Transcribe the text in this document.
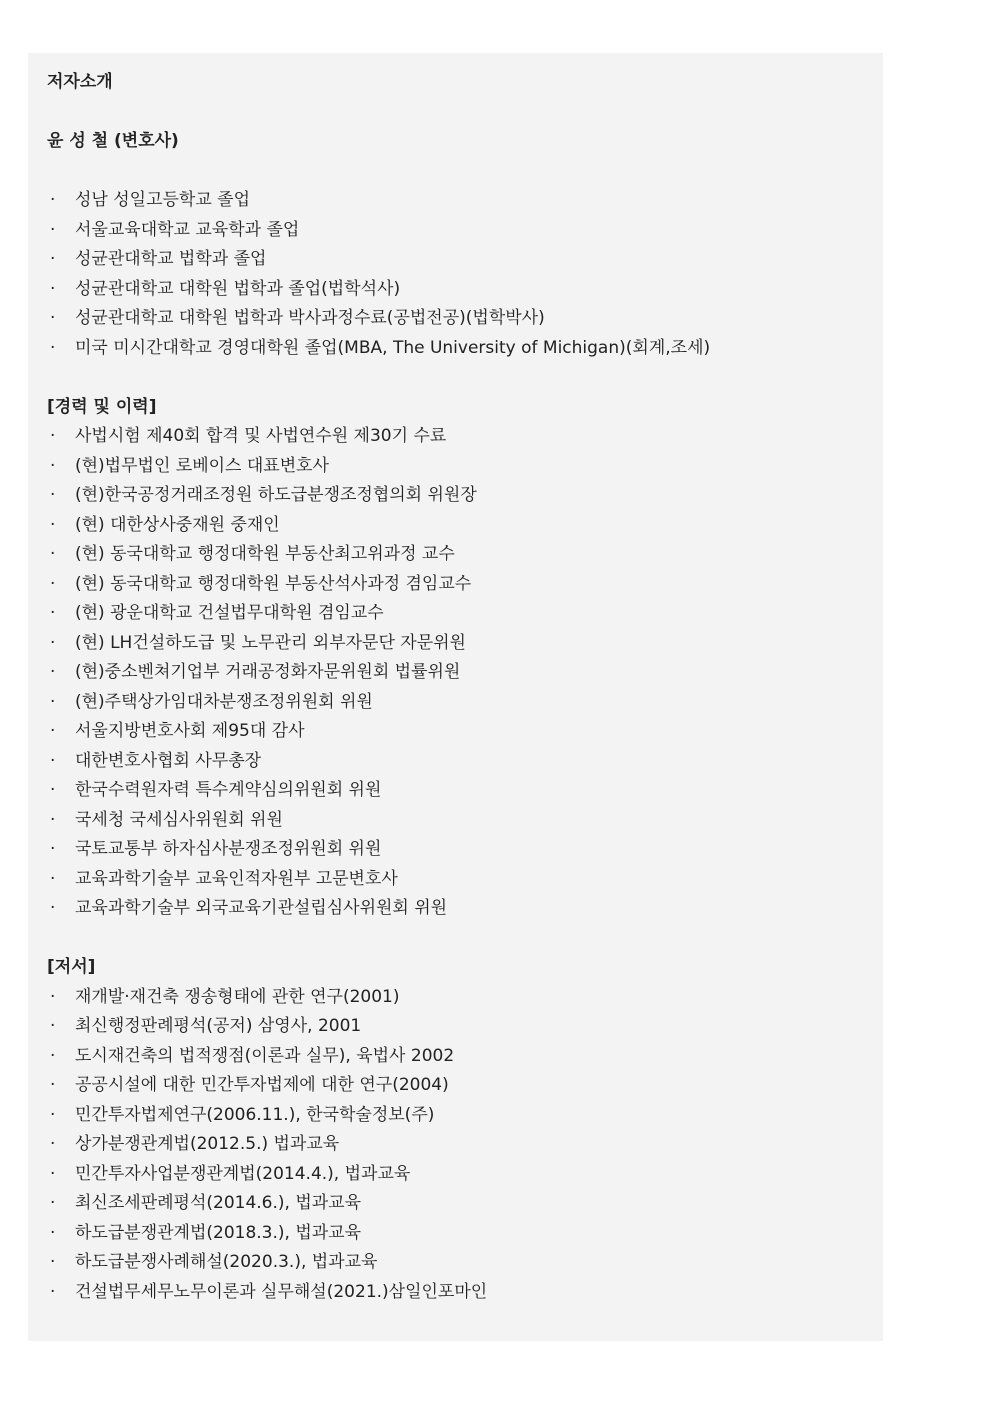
저자소개
윤 성 철 (변호사)
· 성남 성일고등학교 졸업
· 서울교육대학교 교육학과 졸업
· 성균관대학교 법학과 졸업
· 성균관대학교 대학원 법학과 졸업(법학석사)
· 성균관대학교 대학원 법학과 박사과정수료(공법전공)(법학박사)
· 미국 미시간대학교 경영대학원 졸업(MBA, The University of Michigan)(회계,조세)
[경력 및 이력]
· 사법시험 제40회 합격 및 사법연수원 제30기 수료
· (현)법무법인 로베이스 대표변호사
· (현)한국공정거래조정원 하도급분쟁조정협의회 위원장
· (현) 대한상사중재원 중재인
· (현) 동국대학교 행정대학원 부동산최고위과정 교수
· (현) 동국대학교 행정대학원 부동산석사과정 겸임교수
· (현) 광운대학교 건설법무대학원 겸임교수
· (현) LH건설하도급 및 노무관리 외부자문단 자문위원
· (현)중소벤쳐기업부 거래공정화자문위원회 법률위원
· (현)주택상가임대차분쟁조정위원회 위원
· 서울지방변호사회 제95대 감사
· 대한변호사협회 사무총장
· 한국수력원자력 특수계약심의위원회 위원
· 국세청 국세심사위원회 위원
· 국토교통부 하자심사분쟁조정위원회 위원
· 교육과학기술부 교육인적자원부 고문변호사
· 교육과학기술부 외국교육기관설립심사위원회 위원
[저서]
· 재개발·재건축 쟁송형태에 관한 연구(2001)
· 최신행정판례평석(공저) 삼영사, 2001
· 도시재건축의 법적쟁점(이론과 실무), 육법사 2002
· 공공시설에 대한 민간투자법제에 대한 연구(2004)
· 민간투자법제연구(2006.11.), 한국학술정보(주)
· 상가분쟁관계법(2012.5.) 법과교육
· 민간투자사업분쟁관계법(2014.4.), 법과교육
· 최신조세판례평석(2014.6.), 법과교육
· 하도급분쟁관계법(2018.3.), 법과교육
· 하도급분쟁사례해설(2020.3.), 법과교육
· 건설법무세무노무이론과 실무해설(2021.)삼일인포마인
